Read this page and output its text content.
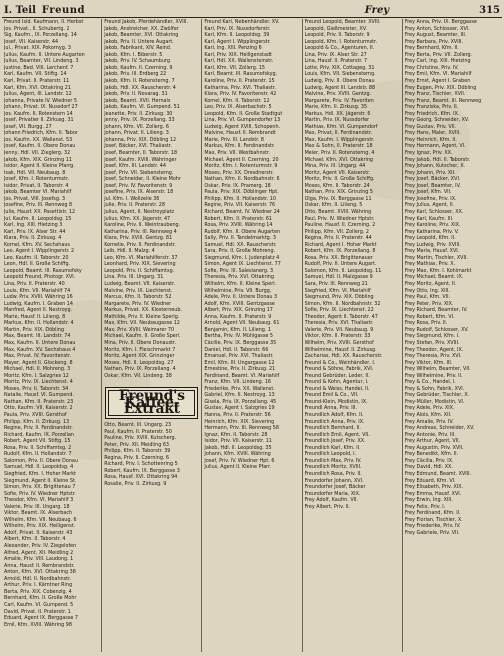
I. Teil Freund	Frey	315
Freund Isid. Kaufmann, II. Herbst
Jos. Privat., II. Schubertg. 2
Sig. Kaufm., IX. Porzellang. 14
Josef, VII. Kaiserstr. 44
Jul., Privat. XIX. Pokornyg. 3
Julius, Kaufm. II. Untere Augarten
Julius, Beamter, VII. Lindeng. 3
Justine, Bed. VIII. Lerchenf. 7
Karl, Kaufm. VII. Stiftg. 14
Karl, Privat. II. Praterstr. 11
Karl, Kfm. XVI. Ottakring 21
Julius, Agent, III. Landstr. 12
Johanna, Private IV. Wiedner 5
Johann, Privat. IX. Nussdorf 27
Jos. Kaufm. II. Rotenstern 14
Josef, Privatier II. Zirkusg. 31
Josef, VII. Burgg. 27
Johann Friedrich, Kfm. II. Tabor
Jos. Kaufm. XX. Wallenst. 53
Josef, Kaufm. II. Obere Donau
Jenny, Hdl. VII. Zieglerg. 32
Jakob, Kfm. XIX. Grinzing 11
Isidor, Agent II. Kleine Pfarrg.
Isak, Hdl. VII. Neubaug. 8
Josef, Kfm. I. Rotenturmstr.
Isidor, Privat, II. Taborstr. 4
Jakob, Beamter VI. Mariahilf
Jos. Privat, VIII. Josefsg. 3
Josefine, Priv. III. Rennweg 8
Julie, Hausf. XX. Pasettistr. 12
Jul. Kaufm. II. Leopoldsg. 15
Karl, Ing. XIII. Hietzing 3
Karl, Priv. IX. Alser Str. 44
Klara, Priv. II. Zirkusg. 4
Kornel, Kfm. XV. Sechshaus
Leo, Agent I. Wipplingerstr. 2
Leo, Kaufm. II. Taborstr. 20
Leon, Hdl. II. Große Schiffg.
Leopold, Beamt. III. Rasumofsky
Leopold Freund, Photogr. XVI.
Lina, Priv. II. Praterstr. 40
Louis, Kfm. VII. Mariahilf 74
Ludw. Priv. XVIII. Währing 16
Ludwig, Kaufm. I. Graben 14
Manfred, Agent II. Nestroyg.
Marie, Hausf. II. Lilieng. 8
Markus, Kfm. II. Hollandstr. 4
Martin, Priv. XIX. Döbling
Max, Beamt. III. Landstr. 74
Max, Kaufm. II. Untere Donau
Max, Kaufm. XV. Sechshaus 4
Max, Privat. IV. Favoritenstr.
Mayer, Agent II. Glockeng. 8
Michael, Hdl. II. Mohreng. 3
Moritz, Kfm. I. Salzgries 12
Moritz, Priv. IX. Liechtenst. 4
Moses, Priv. II. Taborstr. 34
Natalie, Hausf. VI. Gumpend.
Nathan, Kfm. II. Praterstr. 23
Otto, Kaufm. VII. Kaiserstr. 2
Paula, Priv. XVIII. Gersthof
Philipp, Kfm. II. Zirkusg. 13
Regine, Priv. II. Ferdinandstr.
Richard, Kaufm. IX. Porzellan
Robert, Agent VII. Stiftg. 15
Rosa, Priv. II. Schiffamtsg. 2
Rudolf, Kfm. II. Hollandstr. 7
Salomon, Priv. II. Obere Donau
Samuel, Hdl. II. Leopoldsg. 4
Siegfried, Kfm. I. Hoher Markt
Siegmund, Agent II. Kleine St.
Simon, Priv. XX. Brigittenau 7
Sofie, Priv. IV. Wiedner Hptstr.
Theodor, Kfm. VI. Mariahilf 3
Valerie, Priv. III. Ungarg. 18
Viktor, Beamt. IX. Alserbach
Wilhelm, Kfm. VII. Neubaug. 6
Wilhelm, Priv. XIX. Heiligenst.
Adolf, Privat. II. Kaiserstr. 43
Albert, Kfm. II. Taborstr. 4
Alexander, Priv. IV. Ziegelofen
Alfred, Agent, XII. Meidling 2
Amalie, Priv. VIII. Laudong. 1
Anna, Hausf. II. Rembrandstr.
Anton, Kfm. XVI. Ottakring 38
Arnold, Hdl. II. Nordbahnstr.
Arthur, Priv. I. Kärntner Ring
Berta, Priv. XIX. Cobenzlg. 4
Bernhard, Kfm. II. Große Mohr
Carl, Kaufm. VI. Gumpend. 5
David, Privat. II. Praterstr. 1
Eduard, Agent IX. Berggasse 7
Emil, Kfm. XVIII. Währing 98
Freund's Kaffee-Extrakt
Freund Jakob, Pferdehändler, XVIII.
Jakob, Anstreicher. XX. Zwölfer
Jakob, Beamter, XVI. Ottakring
Jakob, Priv. II. Untere Augart.
Jakob, Fabrikant, XIV. Reind.
Jakob, Kfm. I. Biberstr. 5
Jakob, Priv. IV. Schaumburg
Jakob, Kaufm. II. Czerning. 9
Jakob, Priv. III. Erdberg 22
Jakob, Kfm. II. Rotensterng. 7
Jakob, Hdl. XX. Rauscherstr. 4
Jakob, Priv. II. Novarag. 31
Jakob, Beamt. XVII. Hernals
Jakob, Kaufm. VI. Gumpend. 51
Jeanette, Priv. II. Zirkusg. 30
Jenny, Priv. IX. Porzellang. 33
Johann, Kfm. VII. Zollerg. 6
Johann, Privat. II. Lilieng. 3
Johanna, Priv. XIX. Döbling 12
Josef, Bäcker, XVI. Thaliastr.
Josef, Beamter, II. Taborstr. 18
Josef, Kaufm. XVIII. Währinger
Josef, Kfm. III. Landstr. 44
Josef, Priv. VII. Siebensterng.
Josef, Schneider, II. Kleine Mohr
Josef, Priv. IV. Favoritenstr. 9
Josefine, Priv. IX. Alserstr. 18
Jul. Kfm. I. Wollzeile 36
Julie, Priv. II. Praterstr. 28
Julius, Agent, II. Nestroyplatz
Julius, Kfm. XX. Jägerstr. 47
Karoline, Priv. II. Weintraubeng.
Katharina, Priv. III. Rennweg 4
Klara, Priv. XVIII. Gentzg. 81
Kornelie, Priv. II. Ferdinandstr.
Leib, Hdl. II. Malzg. 4
Leo, Kfm. VI. Mariahilferstr. 37
Leonhard, Priv. XIX. Sievering
Leopold, Priv. II. Schiffamtsg.
Lina, Priv. III. Ungarg. 31
Ludwig, Beamt. VII. Kaiserstr.
Malvine, Priv. IX. Liechtenst.
Marcus, Kfm. II. Taborstr. 52
Margarete, Priv. IV. Wiedner
Markus, Privat. XX. Klosterneub.
Mathilde, Priv. II. Kleine Sperlg.
Max, Kfm. VII. Neubaugasse 12
Max, Priv. XVIII. Weimarer 70
Michael, Kaufm. II. Große Sperl.
Mina, Priv. II. Obere Donaustr.
Moritz, Kfm. I. Fleischmarkt 7
Moritz, Agent XIX. Grinzinger
Moses, Hdl. II. Leopoldsg. 27
Nathan, Priv. IX. Porzellang. 4
Oskar, Kfm. VII. Lindeng. 38
Otto, Beamt. III. Ungarg. 23
Paul, Kaufm. II. Praterstr. 50
Pauline, Priv. XVIII. Kutscherg.
Peter, Priv. XII. Meidling 63
Philipp, Kfm. II. Taborstr. 39
Regina, Priv. II. Czerning. 6
Richard, Priv. I. Schottenring 5
Robert, Kaufm. IX. Berggasse 3
Rosa, Hausf. XVI. Ottakring 94
Rosalie, Priv. II. Zirkusg. 9
Freund Karl, Nebenhändler. XV.
Karl, Priv. IX. Nussdorferstr.
Karl, Kfm. II. Leopoldsg. 39
Karl, Agent I. Wipplingerstr.
Karl, Ing. XIII. Penzing 6
Karl, Priv. XIX. Heiligenstadt
Karl, Hdl. XX. Wallensteinstr.
Karl, Kfm. VII. Zollerg. 15
Karl, Beamt. III. Rasumofskyg.
Karoline, Priv. II. Praterstr. 15
Katharina, Priv. XVI. Thaliastr.
Klara, Priv. IV. Favoritenstr. 42
Kornel, Kfm. II. Taborstr. 12
Leo, Priv. IX. Alserbachstr. 5
Leopold, Kfm. II. Große Stadtgut
Lina, Priv. VI. Gumpendorfer 13
Ludwig, Agent XVIII. Schopenh.
Malvine, Hausf. II. Rembrandt
Marie, Priv. III. Landstr. 8
Markus, Kfm. II. Ferdinandstr.
Max, Priv. VII. Westbahnstr.
Michael, Agent II. Czerning. 20
Moritz, Kfm. I. Rotenturmstr. 9
Moses, Priv. XX. Dresdnerstr.
Nathan, Kfm. II. Nordbahnstr. 6
Oskar, Priv. IX. Pramerg. 18
Paula, Priv. XIX. Döblinger Hpt.
Philipp, Kfm. II. Hollandstr. 10
Regine, Priv. VII. Kaiserstr. 76
Richard, Beamt. IV. Wiedner 24
Robert, Kfm. II. Praterstr. 61
Rosa, Priv. XVIII. Währing 14
Rudolf, Kfm. II. Obere Augarten
Sally, Priv. II. Tandelmarktg. 3
Samuel, Hdl. XX. Rauscherstr.
Sara, Priv. II. Große Mohreng.
Siegmund, Kfm. I. Judenplatz 4
Simon, Agent IX. Liechtenst. 77
Sofie, Priv. III. Salesianerg. 3
Theresia, Priv. XVI. Ottakring
Wilhelm, Kfm. II. Kleine Sperl.
Wilhelmine, Priv. VII. Burgg.
Adele, Priv. II. Untere Donau 3
Adolf, Kfm. XVIII. Gentzgasse
Albert, Priv. XIX. Grinzing 17
Anna, Kaufm. II. Praterstr. 9
Arnold, Agent VII. Neubaug. 61
Benjamin, Kfm. II. Lilieng. 1
Bertha, Priv. IV. Mühlgasse 5
Cäcilie, Priv. IX. Berggasse 35
Daniel, Hdl. II. Taborstr. 66
Emanuel, Priv. XVI. Thaliastr.
Emil, Kfm. III. Ungargasse 12
Ernestine, Priv. II. Zirkusg. 21
Ferdinand, Beamt. VI. Mariahilf
Franz, Kfm. VII. Lindeng. 16
Friederike, Priv. XX. Wallenst.
Gabriel, Kfm. II. Nestroyg. 13
Gisela, Priv. IX. Porzellang. 45
Gustav, Agent I. Salzgries 19
Hanna, Priv. II. Praterstr. 56
Heinrich, Kfm. XIX. Sievering
Hermann, Priv. III. Rennweg 58
Ignaz, Kfm. II. Taborstr. 28
Isidor, Priv. VII. Kaiserstr. 11
Jakob, Hdl. II. Leopoldsg. 35
Johann, Kfm. XVIII. Währing
Josef, Priv. IV. Wiedner Hpt. 6
Julius, Agent II. Kleine Pfarr.
Freund Leopold, Beamter. XVIII.
Leopold, Gießmeister, XV.
Leopold, Priv. II. Taborstr. 9
Leopold, Kfm. I. Rotenturmstr.
Leopold & Co., Agenturen, II.
Lina, Priv. IX. Alser Str. 27
Lina, Hausf. II. Praterstr. 7
Lotte, Priv. XIX. Cottageg. 31
Louis, Kfm. VII. Siebensterng.
Ludwig, Priv. II. Obere Donau
Ludwig, Agent III. Landstr. 88
Malvine, Priv. XVIII. Gentzg.
Margarete, Priv. IV. Favoriten
Marie, Kfm. II. Zirkusg. 35
Markus, Hdl. XX. Jägerstr. 6
Martin, Priv. IX. Nussdorfer
Mathias, Kfm. VI. Gumpendorf
Max, Privat, II. Ferdinandstr.
Max, Kaufm. I. Wipplingerstr.
Max & Sohn, II. Praterstr. 18
Meier, Priv. II. Rotensterng. 4
Michael, Kfm. XVI. Ottakring
Mina, Priv. III. Ungarg. 44
Moritz, Agent VII. Kaiserstr.
Moritz, Priv. II. Große Schiffg.
Moses, Kfm. II. Taborstr. 24
Nathan, Priv. XIX. Grinzing 5
Olga, Priv. IX. Berggasse 11
Oskar, Kfm. II. Lilieng. 5
Otto, Beamt. XVIII. Währing
Paul, Priv. IV. Wiedner Hptstr.
Pauline, Hausf. II. Czerning. 2
Philipp, Kfm. VII. Zollerg. 2
Regina, Priv. II. Praterstr. 44
Richard, Agent I. Hoher Markt
Robert, Kfm. IX. Porzellang. 8
Rosa, Priv. XX. Brigittenauer
Rudolf, Priv. II. Untere Augart.
Salomon, Kfm. II. Leopoldsg. 11
Samuel, Hdl. II. Malzgasse 9
Sara, Priv. III. Rennweg 21
Siegfried, Kfm. VI. Mariahilf
Siegmund, Priv. XIX. Döbling
Simon, Kfm. II. Nordbahnstr. 32
Sofie, Priv. IX. Liechtenst. 22
Theodor, Agent II. Taborstr. 47
Theresia, Priv. XVI. Thaliastr.
Valerie, Priv. VII. Neubaug. 9
Viktor, Kfm. II. Praterstr. 33
Wilhelm, Priv. XVIII. Gersthof
Wilhelmine, Hausf. II. Zirkusg.
Zacharias, Hdl. XX. Rauscherstr.
Freund & Co., Weinhändler, I.
Freund & Söhne, Fabrik, XVI.
Freund Gebrüder, Leder, II.
Freund & Kohn, Agentur, I.
Freund & Weiss, Handel, II.
Freund Emil & Co., VII.
Freund-Klein, Modistin, IX.
Freundl Anna, Priv. III.
Freundlich Adolf, Kfm. II.
Freundlich Anna, Priv. IX.
Freundlich Bernhard, II.
Freundlich Emil, Agent, VII.
Freundlich Josef, Priv. XX.
Freundlich Karl, Kfm. II.
Freundlich Leopold, I.
Freundlich Max, Priv. IV.
Freundlich Moritz, XVIII.
Freundlich Rosa, Priv. II.
Freundorfer Johann, XVI.
Freundorfer Josef, Bäcker
Freundorfer Maria, XIX.
Frey Adolf, Kaufm. VII.
Frey Albert, Priv. II.
Frey Anna, Priv. IX. Berggasse
Frey Anton, Schlosser, XVI.
Frey August, Beamter, III.
Frey Barbara, Priv. XVIII.
Frey Bernhard, Kfm. II.
Frey Berta, Priv. VII. Zollerg.
Frey Carl, Ing. XIII. Hietzing
Frey Christine, Priv. IV.
Frey Emil, Kfm. VI. Mariahilf
Frey Ernst, Agent I. Graben
Frey Eugen, Priv. XIX. Döbling
Frey Franz, Tischler, XVII.
Frey Franz, Beamt. III. Rennweg
Frey Franziska, Priv. II.
Frey Friedrich, Kfm. IX.
Frey Georg, Schneider, XV.
Frey Gustav, Priv. VII.
Frey Hans, Maler, XVIII.
Frey Heinrich, Kfm. II.
Frey Hermann, Agent, VI.
Frey Ignaz, Priv. XX.
Frey Jakob, Hdl. II. Taborstr.
Frey Johann, Kutscher, X.
Frey Johann, Priv. XII.
Frey Josef, Bäcker, XVI.
Frey Josef, Beamter, IV.
Frey Josef, Kfm. VII.
Frey Josefine, Priv. IX.
Frey Julius, Agent, II.
Frey Karl, Schlosser, XX.
Frey Karl, Kaufm. III.
Frey Karoline, Priv. XIX.
Frey Katharina, Priv. V.
Frey Leopold, Kfm. II.
Frey Ludwig, Priv. XVIII.
Frey Maria, Hausf. XVI.
Frey Martin, Tischler, XVII.
Frey Mathias, Priv. X.
Frey Max, Kfm. I. Kohlmarkt
Frey Michael, Beamt. IX.
Frey Moritz, Agent, II.
Frey Otto, Ing. XIII.
Frey Paul, Kfm. VII.
Frey Peter, Priv. XIX.
Frey Richard, Beamter, IV.
Frey Robert, Kfm. VI.
Frey Rosa, Priv. II.
Frey Rudolf, Schlosser, XV.
Frey Siegmund, Kfm. I.
Frey Stefan, Priv. XVIII.
Frey Theodor, Agent, IX.
Frey Theresia, Priv. XVI.
Frey Viktor, Kfm. III.
Frey Wilhelm, Beamter, VII.
Frey Wilhelmine, Priv. II.
Frey & Co., Handel, I.
Frey & Sohn, Fabrik, XVI.
Frey Gebrüder, Tischler, X.
Frey-Müller, Modistin, VI.
Frey Adele, Priv. XIX.
Frey Alois, Kfm. XII.
Frey Amalie, Priv. IV.
Frey Andreas, Schneider, XV.
Frey Antonie, Priv. III.
Frey Arthur, Agent, VII.
Frey Augustin, Priv. XVII.
Frey Benedikt, Kfm. II.
Frey Cäcilia, Priv. IX.
Frey David, Hdl. XX.
Frey Edmund, Beamt. XVIII.
Frey Eduard, Kfm. VI.
Frey Elisabeth, Priv. XIX.
Frey Emma, Hausf. XVI.
Frey Erwin, Ing. XIII.
Frey Felix, Priv. I.
Frey Ferdinand, Kfm. II.
Frey Florian, Tischler, X.
Frey Friederike, Priv. IV.
Frey Gabriele, Priv. VII.
